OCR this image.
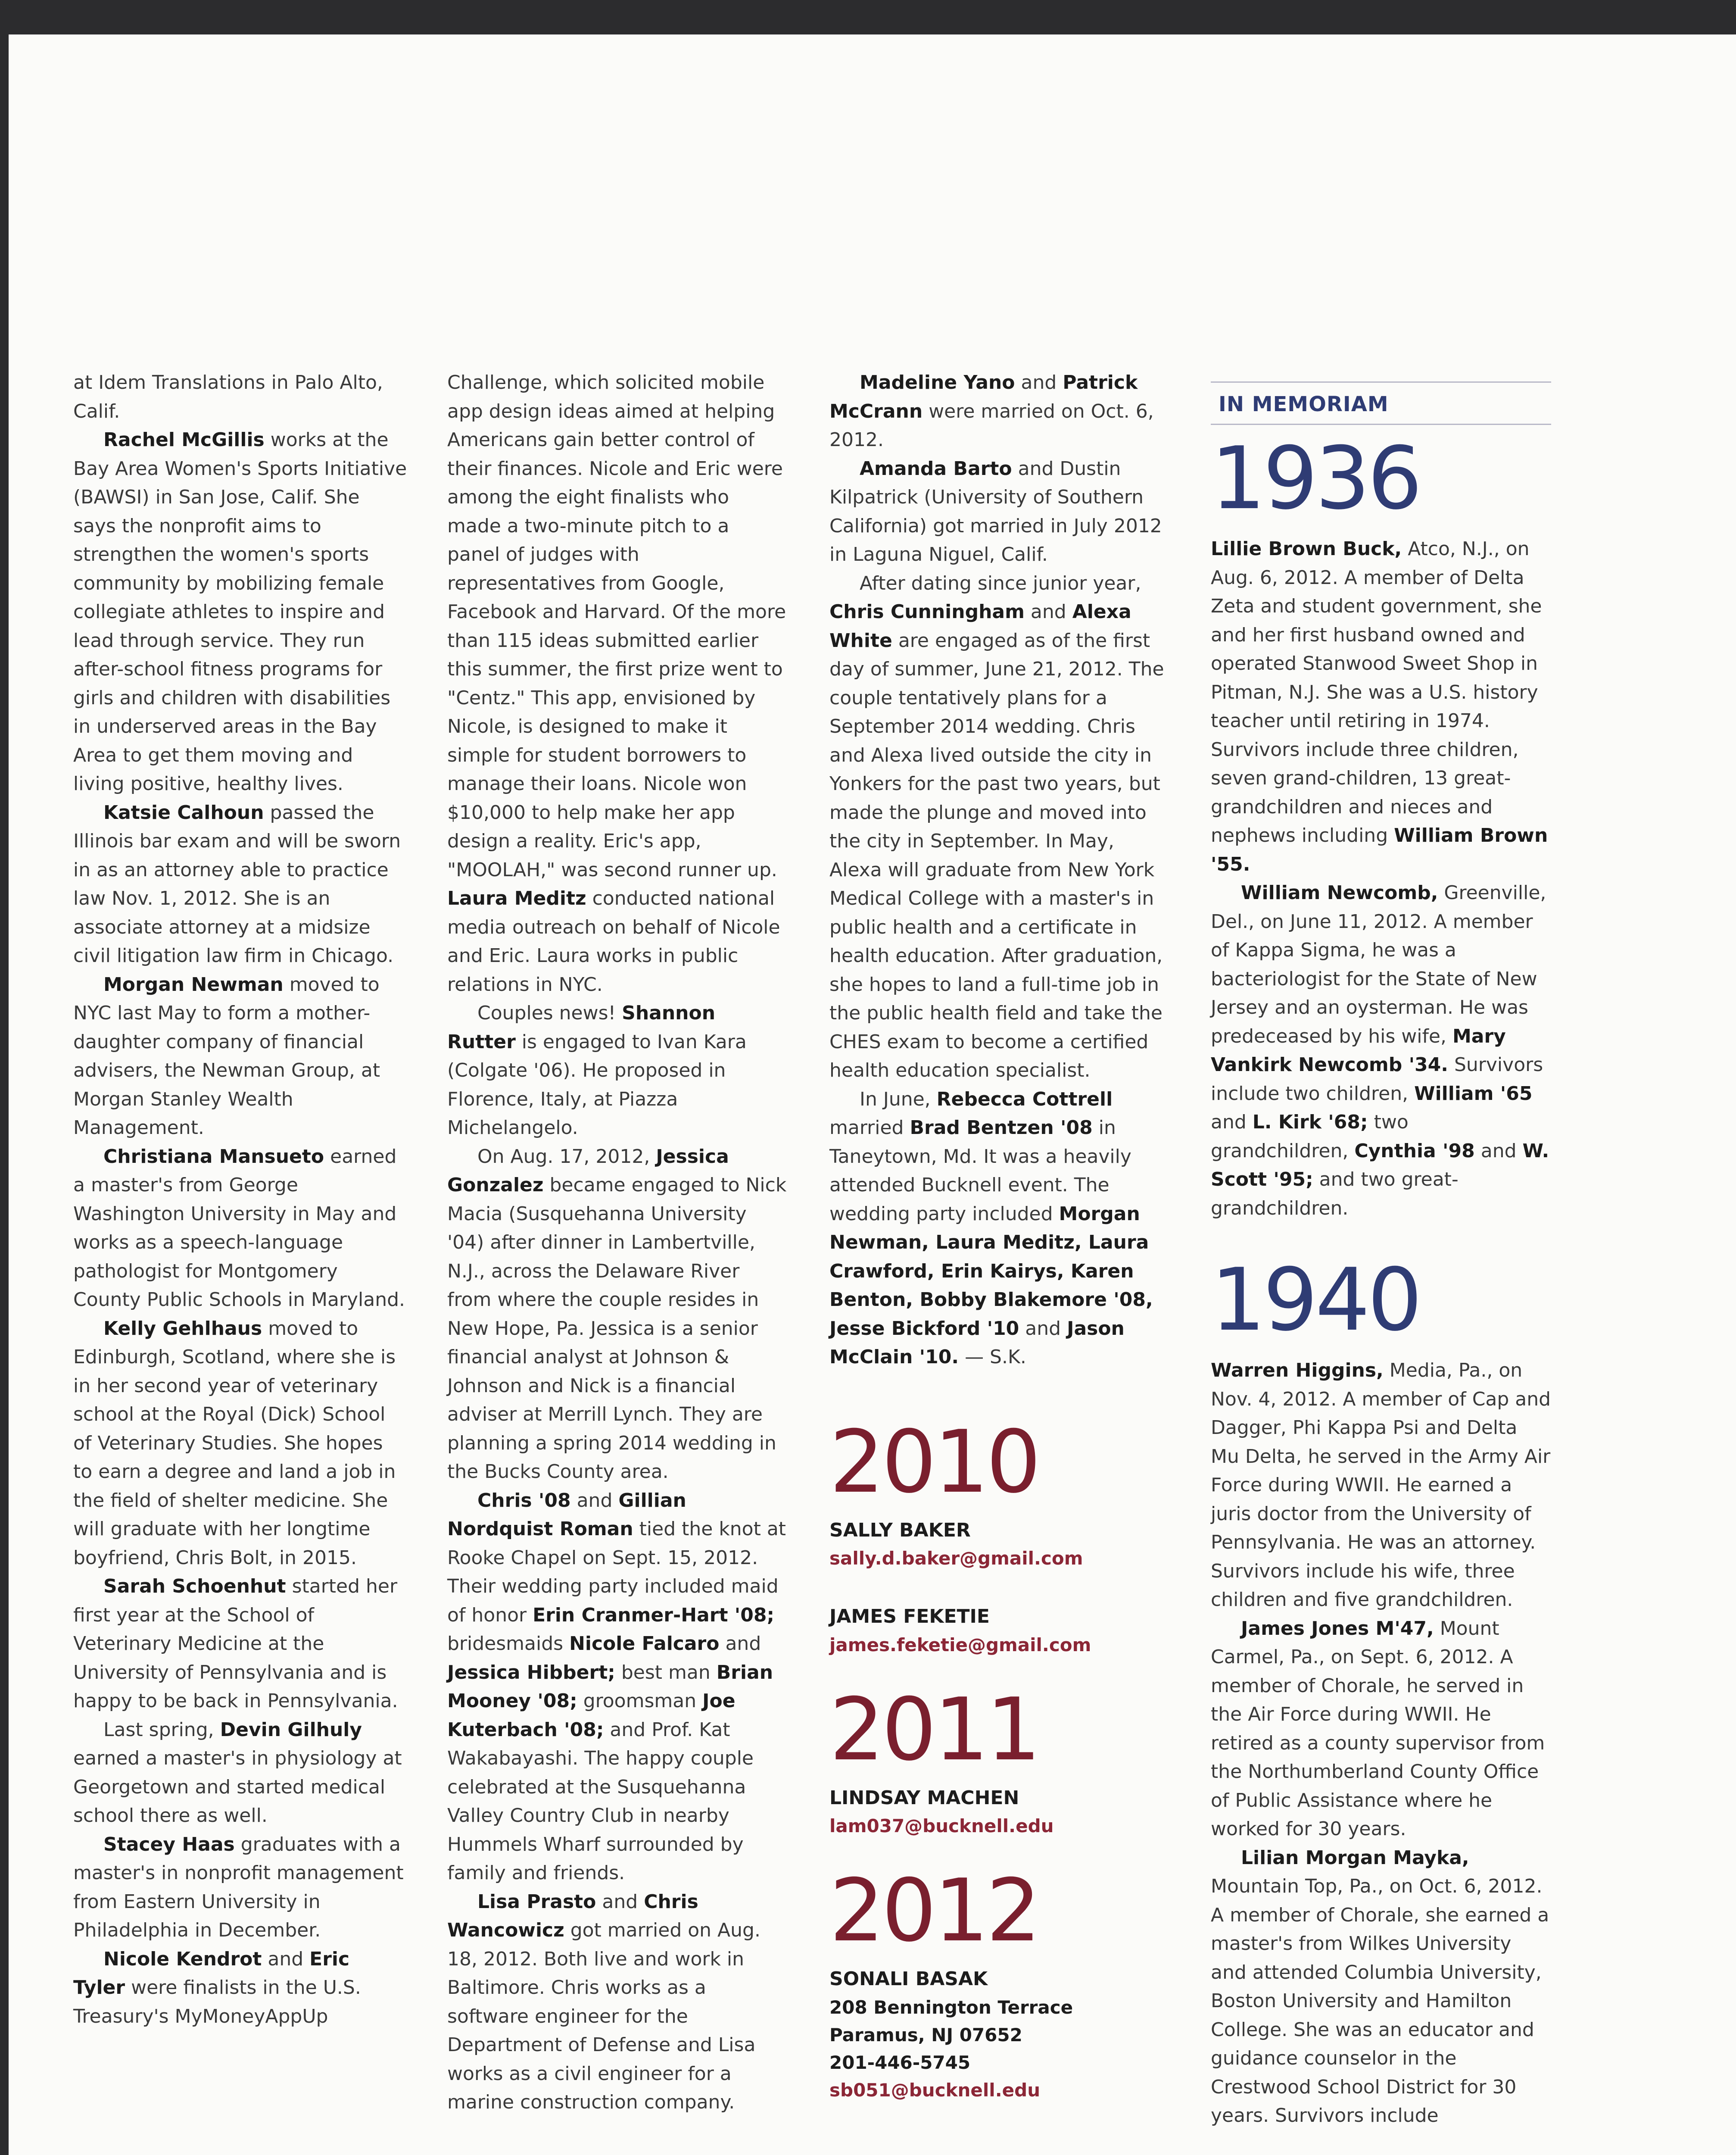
at Idem Translations in Palo Alto, Calif.

Rachel McGillis works at the Bay Area Women's Sports Initiative (BAWSI) in San Jose, Calif. She says the nonprofit aims to strengthen the women's sports community by mobilizing female collegiate athletes to inspire and lead through service. They run after-school fitness programs for girls and children with disabilities in underserved areas in the Bay Area to get them moving and living positive, healthy lives.

Katsie Calhoun passed the Illinois bar exam and will be sworn in as an attorney able to practice law Nov. 1, 2012. She is an associate attorney at a midsize civil litigation law firm in Chicago.

Morgan Newman moved to NYC last May to form a mother-daughter company of financial advisers, the Newman Group, at Morgan Stanley Wealth Management.

Christiana Mansueto earned a master's from George Washington University in May and works as a speech-language pathologist for Montgomery County Public Schools in Maryland.

Kelly Gehlhaus moved to Edinburgh, Scotland, where she is in her second year of veterinary school at the Royal (Dick) School of Veterinary Studies. She hopes to earn a degree and land a job in the field of shelter medicine. She will graduate with her longtime boyfriend, Chris Bolt, in 2015.

Sarah Schoenhut started her first year at the School of Veterinary Medicine at the University of Pennsylvania and is happy to be back in Pennsylvania.

Last spring, Devin Gilhuly earned a master's in physiology at Georgetown and started medical school there as well.

Stacey Haas graduates with a master's in nonprofit management from Eastern University in Philadelphia in December.

Nicole Kendrot and Eric Tyler were finalists in the U.S. Treasury's MyMoneyAppUp

Challenge, which solicited mobile app design ideas aimed at helping Americans gain better control of their finances. Nicole and Eric were among the eight finalists who made a two-minute pitch to a panel of judges with representatives from Google, Facebook and Harvard. Of the more than 115 ideas submitted earlier this summer, the first prize went to "Centz." This app, envisioned by Nicole, is designed to make it simple for student borrowers to manage their loans. Nicole won $10,000 to help make her app design a reality. Eric's app, "MOOLAH," was second runner up. Laura Meditz conducted national media outreach on behalf of Nicole and Eric. Laura works in public relations in NYC.

Couples news! Shannon Rutter is engaged to Ivan Kara (Colgate '06). He proposed in Florence, Italy, at Piazza Michelangelo.

On Aug. 17, 2012, Jessica Gonzalez became engaged to Nick Macia (Susquehanna University '04) after dinner in Lambertville, N.J., across the Delaware River from where the couple resides in New Hope, Pa. Jessica is a senior financial analyst at Johnson & Johnson and Nick is a financial adviser at Merrill Lynch. They are planning a spring 2014 wedding in the Bucks County area.

Chris '08 and Gillian Nordquist Roman tied the knot at Rooke Chapel on Sept. 15, 2012. Their wedding party included maid of honor Erin Cranmer-Hart '08; bridesmaids Nicole Falcaro and Jessica Hibbert; best man Brian Mooney '08; groomsman Joe Kuterbach '08; and Prof. Kat Wakabayashi. The happy couple celebrated at the Susquehanna Valley Country Club in nearby Hummels Wharf surrounded by family and friends.

Lisa Prasto and Chris Wancowicz got married on Aug. 18, 2012. Both live and work in Baltimore. Chris works as a software engineer for the Department of Defense and Lisa works as a civil engineer for a marine construction company.

Madeline Yano and Patrick McCrann were married on Oct. 6, 2012.

Amanda Barto and Dustin Kilpatrick (University of Southern California) got married in July 2012 in Laguna Niguel, Calif.

After dating since junior year, Chris Cunningham and Alexa White are engaged as of the first day of summer, June 21, 2012. The couple tentatively plans for a September 2014 wedding. Chris and Alexa lived outside the city in Yonkers for the past two years, but made the plunge and moved into the city in September. In May, Alexa will graduate from New York Medical College with a master's in public health and a certificate in health education. After graduation, she hopes to land a full-time job in the public health field and take the CHES exam to become a certified health education specialist.

In June, Rebecca Cottrell married Brad Bentzen '08 in Taneytown, Md. It was a heavily attended Bucknell event. The wedding party included Morgan Newman, Laura Meditz, Laura Crawford, Erin Kairys, Karen Benton, Bobby Blakemore '08, Jesse Bickford '10 and Jason McClain '10. — S.K.

2010
SALLY BAKER
sally.d.baker@gmail.com
JAMES FEKETIE
james.feketie@gmail.com
2011
LINDSAY MACHEN
lam037@bucknell.edu
2012
SONALI BASAK
208 Bennington Terrace
Paramus, NJ 07652
201-446-5745
sb051@bucknell.edu
IN MEMORIAM
1936

Lillie Brown Buck, Atco, N.J., on Aug. 6, 2012. A member of Delta Zeta and student government, she and her first husband owned and operated Stanwood Sweet Shop in Pitman, N.J. She was a U.S. history teacher until retiring in 1974. Survivors include three children, seven grand-children, 13 great-grandchildren and nieces and nephews including William Brown '55.

William Newcomb, Greenville, Del., on June 11, 2012. A member of Kappa Sigma, he was a bacteriologist for the State of New Jersey and an oysterman. He was predeceased by his wife, Mary Vankirk Newcomb '34. Survivors include two children, William '65 and L. Kirk '68; two grandchildren, Cynthia '98 and W. Scott '95; and two great-grandchildren.

1940

Warren Higgins, Media, Pa., on Nov. 4, 2012. A member of Cap and Dagger, Phi Kappa Psi and Delta Mu Delta, he served in the Army Air Force during WWII. He earned a juris doctor from the University of Pennsylvania. He was an attorney. Survivors include his wife, three children and five grandchildren.

James Jones M'47, Mount Carmel, Pa., on Sept. 6, 2012. A member of Chorale, he served in the Air Force during WWII. He retired as a county supervisor from the Northumberland County Office of Public Assistance where he worked for 30 years.

Lilian Morgan Mayka, Mountain Top, Pa., on Oct. 6, 2012. A member of Chorale, she earned a master's from Wilkes University and attended Columbia University, Boston University and Hamilton College. She was an educator and guidance counselor in the Crestwood School District for 30 years. Survivors include
